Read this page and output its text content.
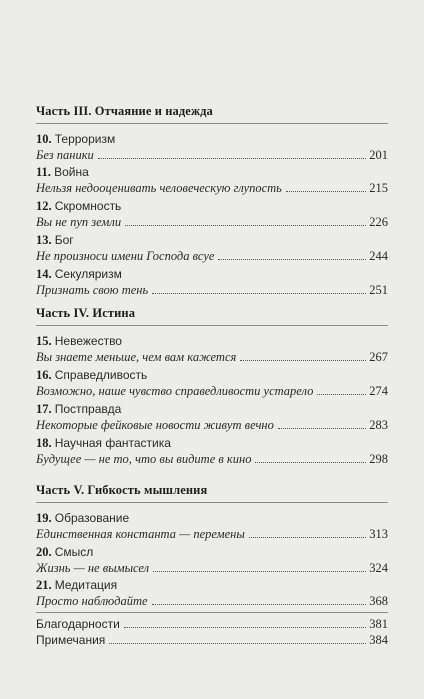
Часть III. Отчаяние и надежда
10. Терроризм
Без паники	201
11. Война
Нельзя недооценивать человеческую глупость	215
12. Скромность
Вы не пуп земли	226
13. Бог
Не произноси имени Господа всуе	244
14. Секуляризм
Признать свою тень	251
Часть IV. Истина
15. Невежество
Вы знаете меньше, чем вам кажется	267
16. Справедливость
Возможно, наше чувство справедливости устарело	274
17. Постправда
Некоторые фейковые новости живут вечно	283
18. Научная фантастика
Будущее — не то, что вы видите в кино	298
Часть V. Гибкость мышления
19. Образование
Единственная константа — перемены	313
20. Смысл
Жизнь — не вымысел	324
21. Медитация
Просто наблюдайте	368
Благодарности	381
Примечания	384
